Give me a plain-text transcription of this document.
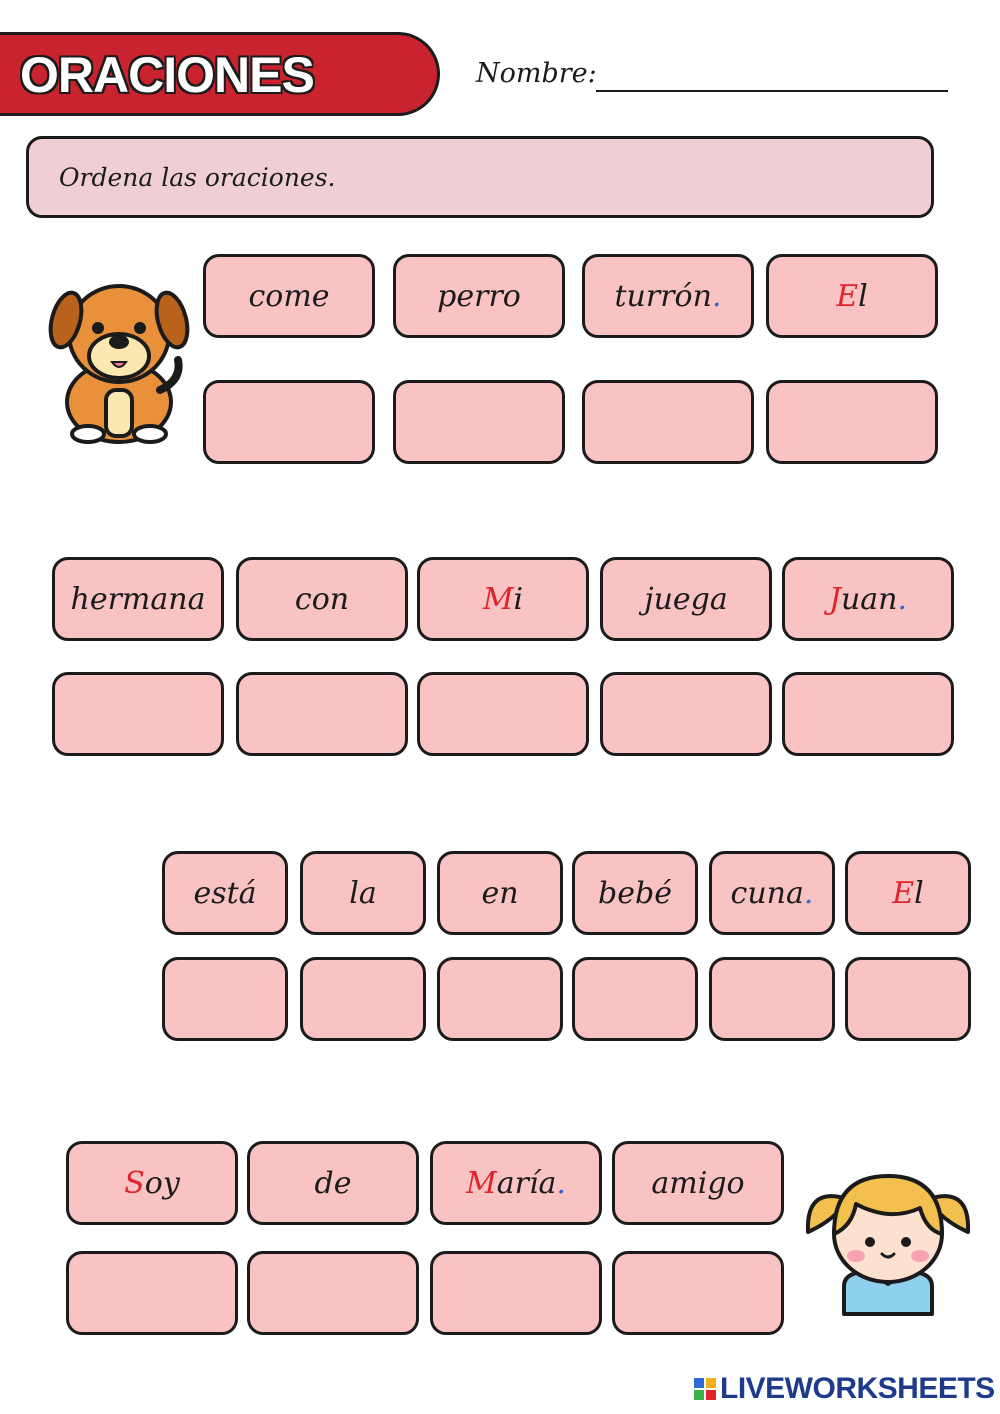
ORACIONES	Nombre:
Ordena las oraciones.
come	perro	turrón .	E l
hermana	con	M i	juega	J uan .
está	la	en	bebé cuna .	E l
S oy	de	M aría .	amigo
LIVEWORKSHEETS
